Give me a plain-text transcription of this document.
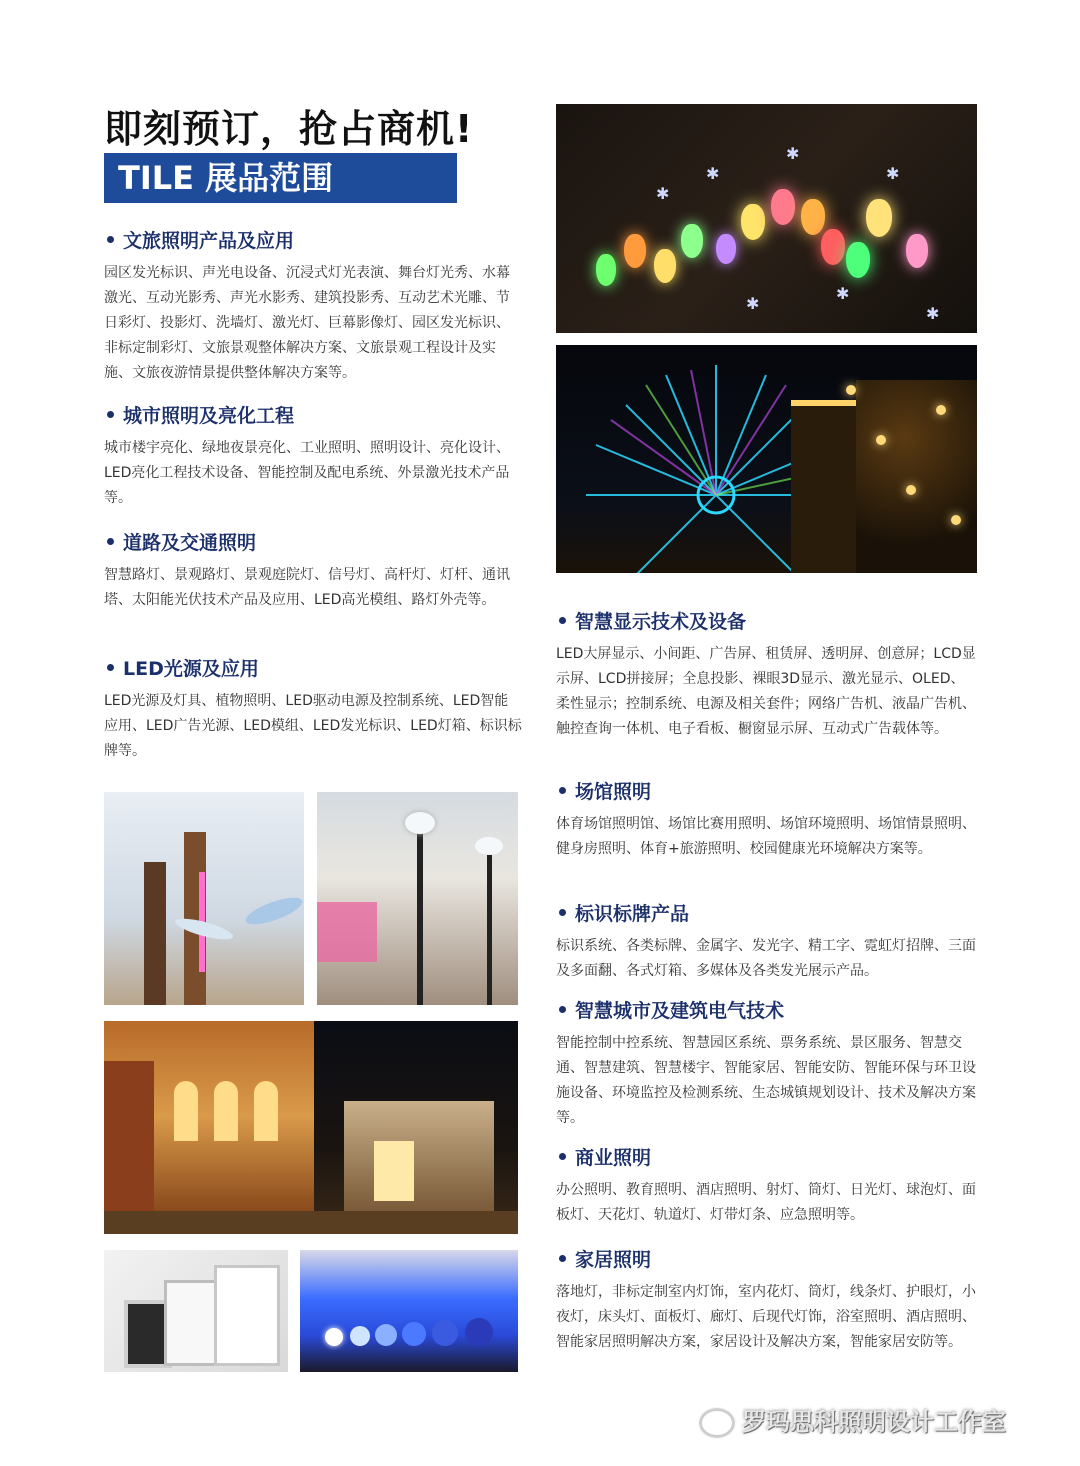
即刻预订，抢占商机!
TILE 展品范围
文旅照明产品及应用

园区发光标识、声光电设备、沉浸式灯光表演、舞台灯光秀、水幕激光、互动光影秀、声光水影秀、建筑投影秀、互动艺术光雕、节日彩灯、投影灯、洗墙灯、激光灯、巨幕影像灯、园区发光标识、非标定制彩灯、文旅景观整体解决方案、文旅景观工程设计及实施、文旅夜游情景提供整体解决方案等。

城市照明及亮化工程

城市楼宇亮化、绿地夜景亮化、工业照明、照明设计、亮化设计、LED亮化工程技术设备、智能控制及配电系统、外景激光技术产品等。

道路及交通照明

智慧路灯、景观路灯、景观庭院灯、信号灯、高杆灯、灯杆、通讯塔、太阳能光伏技术产品及应用、LED高光模组、路灯外壳等。

LED光源及应用

LED光源及灯具、植物照明、LED驱动电源及控制系统、LED智能应用、LED广告光源、LED模组、LED发光标识、LED灯箱、标识标牌等。

智慧显示技术及设备

LED大屏显示、小间距、广告屏、租赁屏、透明屏、创意屏；LCD显示屏、LCD拼接屏；全息投影、裸眼3D显示、激光显示、OLED、柔性显示；控制系统、电源及相关套件；网络广告机、液晶广告机、触控查询一体机、电子看板、橱窗显示屏、互动式广告载体等。

场馆照明

体育场馆照明馆、场馆比赛用照明、场馆环境照明、场馆情景照明、健身房照明、体育+旅游照明、校园健康光环境解决方案等。

标识标牌产品

标识系统、各类标牌、金属字、发光字、精工字、霓虹灯招牌、三面及多面翻、各式灯箱、多媒体及各类发光展示产品。

智慧城市及建筑电气技术

智能控制中控系统、智慧园区系统、票务系统、景区服务、智慧交通、智慧建筑、智慧楼宇、智能家居、智能安防、智能环保与环卫设施设备、环境监控及检测系统、生态城镇规划设计、技术及解决方案等。

商业照明

办公照明、教育照明、酒店照明、射灯、筒灯、日光灯、球泡灯、面板灯、天花灯、轨道灯、灯带灯条、应急照明等。

家居照明

落地灯，非标定制室内灯饰，室内花灯、筒灯，线条灯、护眼灯，小夜灯，床头灯、面板灯、廊灯、后现代灯饰，浴室照明、酒店照明、智能家居照明解决方案，家居设计及解决方案，智能家居安防等。

✱
✱
✱
✱
✱
✱
✱
罗玛思科照明设计工作室
